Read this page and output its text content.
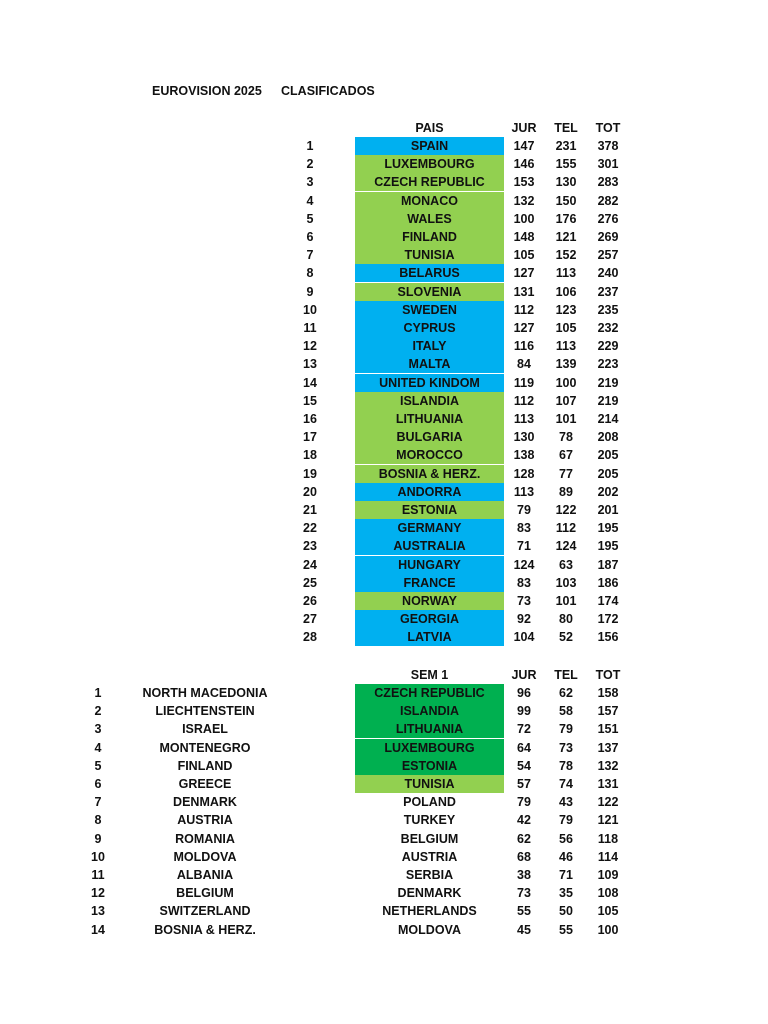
EUROVISION 2025 CLASIFICADOS
PAIS	JUR	TEL	TOT
1	SPAIN	147	231	378
2	LUXEMBOURG	146	155	301
3	CZECH REPUBLIC	153	130	283
4	MONACO	132	150	282
5	WALES	100	176	276
6	FINLAND	148	121	269
7	TUNISIA	105	152	257
8	BELARUS	127	113	240
9	SLOVENIA	131	106	237
10	SWEDEN	112	123	235
11	CYPRUS	127	105	232
12	ITALY	116	113	229
13	MALTA	84	139	223
14	UNITED KINDOM	119	100	219
15	ISLANDIA	112	107	219
16	LITHUANIA	113	101	214
17	BULGARIA	130	78	208
18	MOROCCO	138	67	205
19	BOSNIA & HERZ.	128	77	205
20	ANDORRA	113	89	202
21	ESTONIA	79	122	201
22	GERMANY	83	112	195
23	AUSTRALIA	71	124	195
24	HUNGARY	124	63	187
25	FRANCE	83	103	186
26	NORWAY	73	101	174
27	GEORGIA	92	80	172
28	LATVIA	104	52	156
SEM 1	JUR	TEL	TOT
1	NORTH MACEDONIA	CZECH REPUBLIC	96	62	158
2	LIECHTENSTEIN	ISLANDIA	99	58	157
3	ISRAEL	LITHUANIA	72	79	151
4	MONTENEGRO	LUXEMBOURG	64	73	137
5	FINLAND	ESTONIA	54	78	132
6	GREECE	TUNISIA	57	74	131
7	DENMARK	POLAND	79	43	122
8	AUSTRIA	TURKEY	42	79	121
9	ROMANIA	BELGIUM	62	56	118
10	MOLDOVA	AUSTRIA	68	46	114
11	ALBANIA	SERBIA	38	71	109
12	BELGIUM	DENMARK	73	35	108
13	SWITZERLAND	NETHERLANDS	55	50	105
14	BOSNIA & HERZ.	MOLDOVA	45	55	100
